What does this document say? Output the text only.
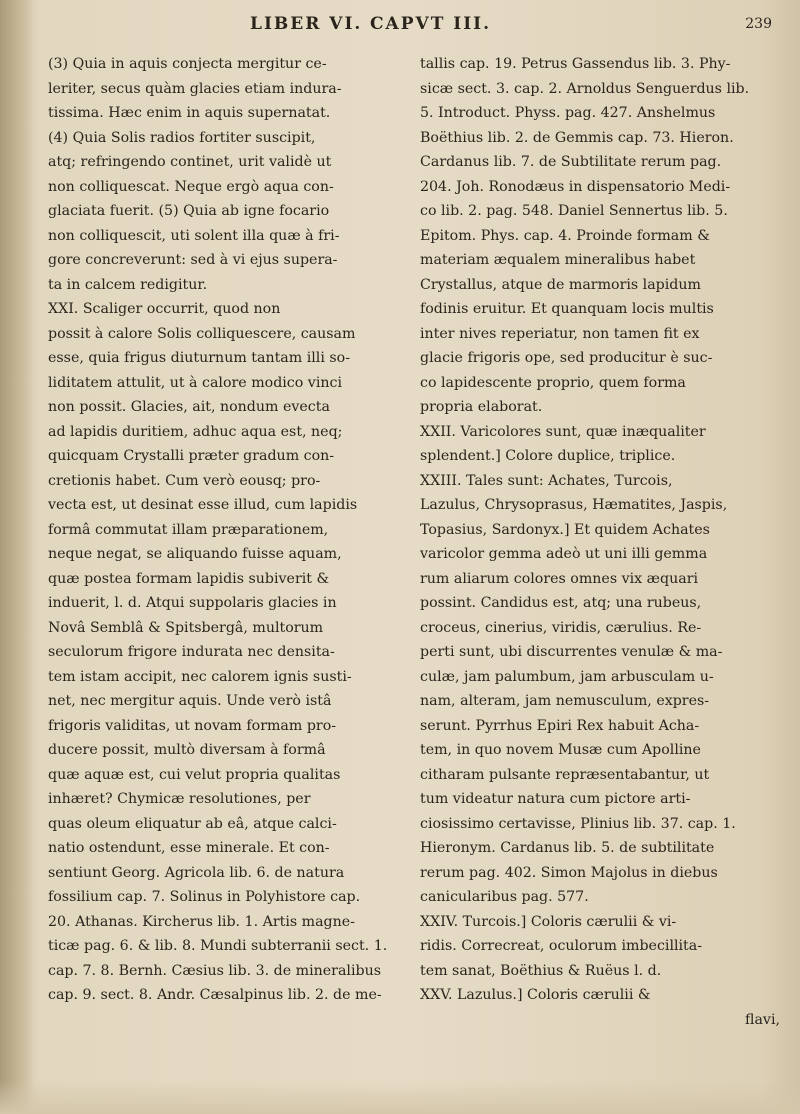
LIBER VI. CAPVT III.	239
(3) Quia in aquis conjecta mergitur ce-
leriter, secus quàm glacies etiam indura-
tissima. Hæc enim in aquis supernatat.
(4) Quia Solis radios fortiter suscipit,
atq; refringendo continet, urit validè ut
non colliquescat. Neque ergò aqua con-
glaciata fuerit. (5) Quia ab igne focario
non colliquescit, uti solent illa quæ à fri-
gore concreverunt: sed à vi ejus supera-
ta in calcem redigitur.
XXI. Scaliger occurrit, quod non
possit à calore Solis colliquescere, causam
esse, quia frigus diuturnum tantam illi so-
liditatem attulit, ut à calore modico vinci
non possit. Glacies, ait, nondum evecta
ad lapidis duritiem, adhuc aqua est, neq;
quicquam Crystalli præter gradum con-
cretionis habet. Cum verò eousq; pro-
vecta est, ut desinat esse illud, cum lapidis
formâ commutat illam præparationem,
neque negat, se aliquando fuisse aquam,
quæ postea formam lapidis subiverit &
induerit, l. d. Atqui suppolaris glacies in
Novâ Semblâ & Spitsbergâ, multorum
seculorum frigore indurata nec densita-
tem istam accipit, nec calorem ignis susti-
net, nec mergitur aquis. Unde verò istâ
frigoris validitas, ut novam formam pro-
ducere possit, multò diversam à formâ
quæ aquæ est, cui velut propria qualitas
inhæret? Chymicæ resolutiones, per
quas oleum eliquatur ab eâ, atque calci-
natio ostendunt, esse minerale. Et con-
sentiunt Georg. Agricola lib. 6. de natura
fossilium cap. 7. Solinus in Polyhistore cap.
20. Athanas. Kircherus lib. 1. Artis magne-
ticæ pag. 6. & lib. 8. Mundi subterranii sect. 1.
cap. 7. 8. Bernh. Cæsius lib. 3. de mineralibus
cap. 9. sect. 8. Andr. Cæsalpinus lib. 2. de me-
tallis cap. 19. Petrus Gassendus lib. 3. Phy-
sicæ sect. 3. cap. 2. Arnoldus Senguerdus lib.
5. Introduct. Physs. pag. 427. Anshelmus
Boëthius lib. 2. de Gemmis cap. 73. Hieron.
Cardanus lib. 7. de Subtilitate rerum pag.
204. Joh. Ronodæus in dispensatorio Medi-
co lib. 2. pag. 548. Daniel Sennertus lib. 5.
Epitom. Phys. cap. 4. Proinde formam &
materiam æqualem mineralibus habet
Crystallus, atque de marmoris lapidum
fodinis eruitur. Et quanquam locis multis
inter nives reperiatur, non tamen fit ex
glacie frigoris ope, sed producitur è suc-
co lapidescente proprio, quem forma
propria elaborat.
XXII. Varicolores sunt, quæ inæqualiter
splendent.] Colore duplice, triplice.
XXIII. Tales sunt: Achates, Turcois,
Lazulus, Chrysoprasus, Hæmatites, Jaspis,
Topasius, Sardonyx.] Et quidem Achates
varicolor gemma adeò ut uni illi gemma
rum aliarum colores omnes vix æquari
possint. Candidus est, atq; una rubeus,
croceus, cinerius, viridis, cærulius. Re-
perti sunt, ubi discurrentes venulæ & ma-
culæ, jam palumbum, jam arbusculam u-
nam, alteram, jam nemusculum, expres-
serunt. Pyrrhus Epiri Rex habuit Acha-
tem, in quo novem Musæ cum Apolline
citharam pulsante repræsentabantur, ut
tum videatur natura cum pictore arti-
ciosissimo certavisse, Plinius lib. 37. cap. 1.
Hieronym. Cardanus lib. 5. de subtilitate
rerum pag. 402. Simon Majolus in diebus
canicularibus pag. 577.
XXIV. Turcois.] Coloris cærulii & vi-
ridis. Correcreat, oculorum imbecillita-
tem sanat, Boëthius & Ruëus l. d.
XXV. Lazulus.] Coloris cærulii &
flavi,
